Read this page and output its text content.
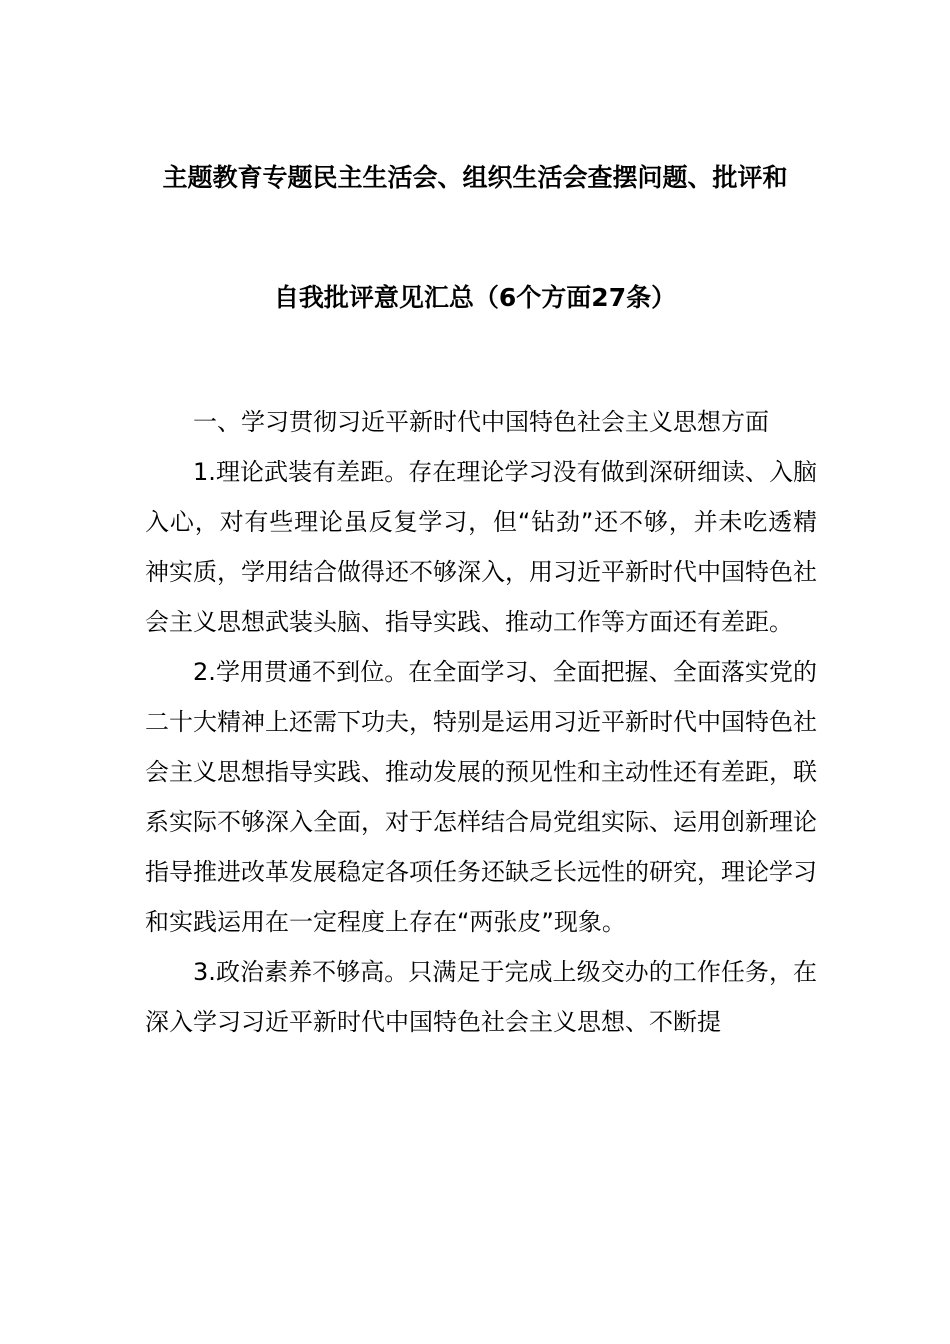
主题教育专题民主生活会、组织生活会查摆问题、批评和
自我批评意见汇总（6个方面27条）

一、学习贯彻习近平新时代中国特色社会主义思想方面

1.理论武装有差距。存在理论学习没有做到深研细读、入脑入心，对有些理论虽反复学习，但“钻劲”还不够，并未吃透精神实质，学用结合做得还不够深入，用习近平新时代中国特色社会主义思想武装头脑、指导实践、推动工作等方面还有差距。

2.学用贯通不到位。在全面学习、全面把握、全面落实党的二十大精神上还需下功夫，特别是运用习近平新时代中国特色社会主义思想指导实践、推动发展的预见性和主动性还有差距，联系实际不够深入全面，对于怎样结合局党组实际、运用创新理论指导推进改革发展稳定各项任务还缺乏长远性的研究，理论学习和实践运用在一定程度上存在“两张皮”现象。

3.政治素养不够高。只满足于完成上级交办的工作任务，在深入学习习近平新时代中国特色社会主义思想、不断提
